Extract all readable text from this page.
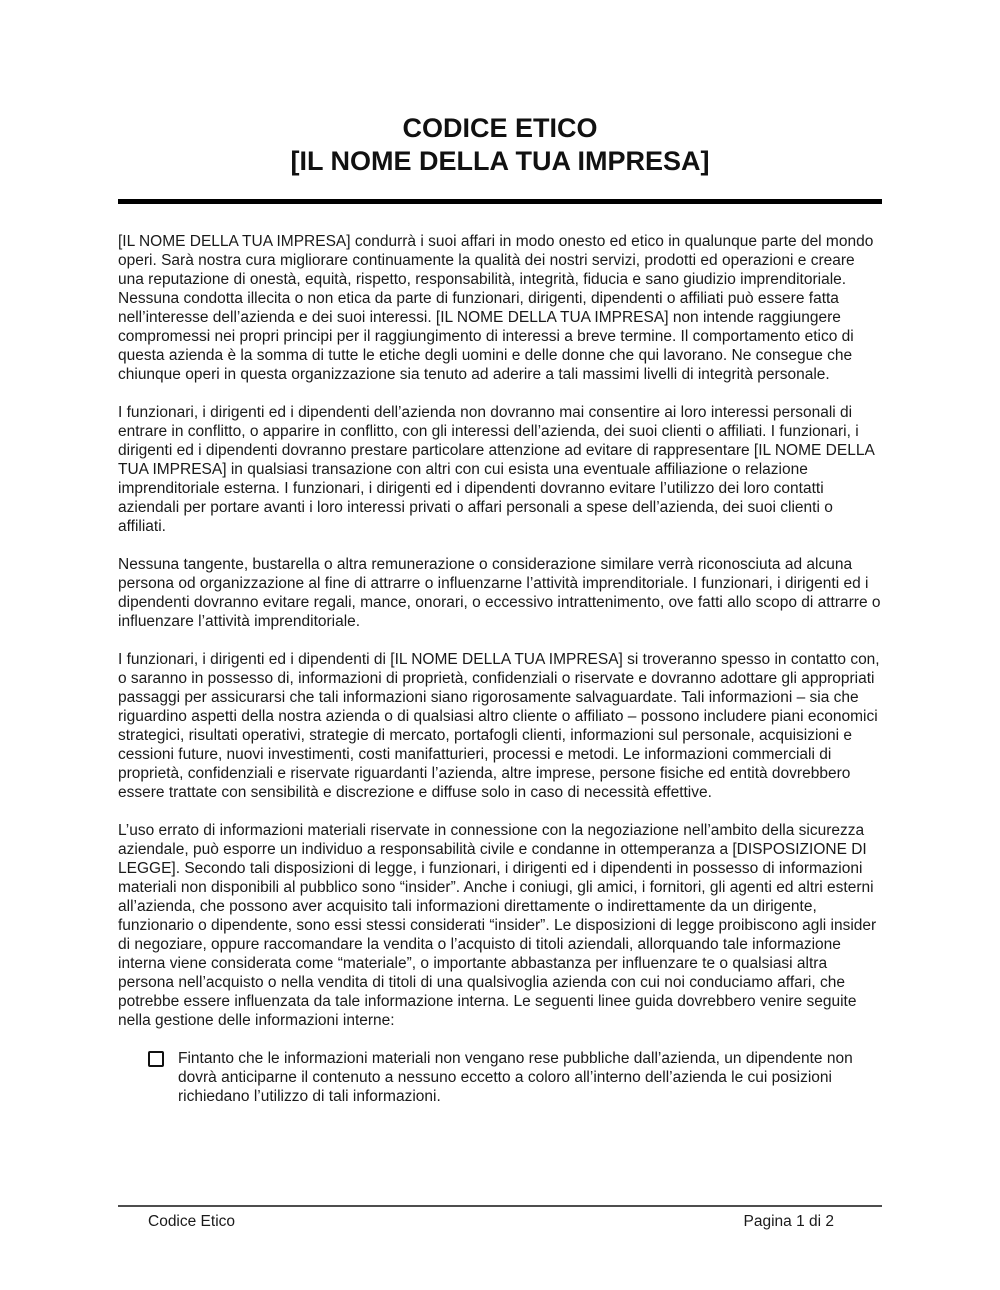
CODICE ETICO
[IL NOME DELLA TUA IMPRESA]

[IL NOME DELLA TUA IMPRESA] condurrà i suoi affari in modo onesto ed etico in qualunque parte del mondo operi. Sarà nostra cura migliorare continuamente la qualità dei nostri servizi, prodotti ed operazioni e creare una reputazione di onestà, equità, rispetto, responsabilità, integrità, fiducia e sano giudizio imprenditoriale. Nessuna condotta illecita o non etica da parte di funzionari, dirigenti, dipendenti o affiliati può essere fatta nell’interesse dell’azienda e dei suoi interessi. [IL NOME DELLA TUA IMPRESA] non intende raggiungere compromessi nei propri principi per il raggiungimento di interessi a breve termine. Il comportamento etico di questa azienda è la somma di tutte le etiche degli uomini e delle donne che qui lavorano. Ne consegue che chiunque operi in questa organizzazione sia tenuto ad aderire a tali massimi livelli di integrità personale.

I funzionari, i dirigenti ed i dipendenti dell’azienda non dovranno mai consentire ai loro interessi personali di entrare in conflitto, o apparire in conflitto, con gli interessi dell’azienda, dei suoi clienti o affiliati. I funzionari, i dirigenti ed i dipendenti dovranno prestare particolare attenzione ad evitare di rappresentare [IL NOME DELLA TUA IMPRESA] in qualsiasi transazione con altri con cui esista una eventuale affiliazione o relazione imprenditoriale esterna. I funzionari, i dirigenti ed i dipendenti dovranno evitare l’utilizzo dei loro contatti aziendali per portare avanti i loro interessi privati o affari personali a spese dell’azienda, dei suoi clienti o affiliati.

Nessuna tangente, bustarella o altra remunerazione o considerazione similare verrà riconosciuta ad alcuna persona od organizzazione al fine di attrarre o influenzarne l’attività imprenditoriale. I funzionari, i dirigenti ed i dipendenti dovranno evitare regali, mance, onorari, o eccessivo intrattenimento, ove fatti allo scopo di attrarre o influenzare l’attività imprenditoriale.

I funzionari, i dirigenti ed i dipendenti di [IL NOME DELLA TUA IMPRESA] si troveranno spesso in contatto con, o saranno in possesso di, informazioni di proprietà, confidenziali o riservate e dovranno adottare gli appropriati passaggi per assicurarsi che tali informazioni siano rigorosamente salvaguardate. Tali informazioni – sia che riguardino aspetti della nostra azienda o di qualsiasi altro cliente o affiliato – possono includere piani economici strategici, risultati operativi, strategie di mercato, portafogli clienti, informazioni sul personale, acquisizioni e cessioni future, nuovi investimenti, costi manifatturieri, processi e metodi. Le informazioni commerciali di proprietà, confidenziali e riservate riguardanti l’azienda, altre imprese, persone fisiche ed entità dovrebbero essere trattate con sensibilità e discrezione e diffuse solo in caso di necessità effettive.

L’uso errato di informazioni materiali riservate in connessione con la negoziazione nell’ambito della sicurezza aziendale, può esporre un individuo a responsabilità civile e condanne in ottemperanza a [DISPOSIZIONE DI LEGGE]. Secondo tali disposizioni di legge, i funzionari, i dirigenti ed i dipendenti in possesso di informazioni materiali non disponibili al pubblico sono “insider”. Anche i coniugi, gli amici, i fornitori, gli agenti ed altri esterni all’azienda, che possono aver acquisito tali informazioni direttamente o indirettamente da un dirigente, funzionario o dipendente, sono essi stessi considerati “insider”. Le disposizioni di legge proibiscono agli insider di negoziare, oppure raccomandare la vendita o l’acquisto di titoli aziendali, allorquando tale informazione interna viene considerata come “materiale”, o importante abbastanza per influenzare te o qualsiasi altra persona nell’acquisto o nella vendita di titoli di una qualsivoglia azienda con cui noi conduciamo affari, che potrebbe essere influenzata da tale informazione interna. Le seguenti linee guida dovrebbero venire seguite nella gestione delle informazioni interne:

Fintanto che le informazioni materiali non vengano rese pubbliche dall’azienda, un dipendente non dovrà anticiparne il contenuto a nessuno eccetto a coloro all’interno dell’azienda le cui posizioni richiedano l’utilizzo di tali informazioni.
Codice Etico	Pagina 1 di 2
